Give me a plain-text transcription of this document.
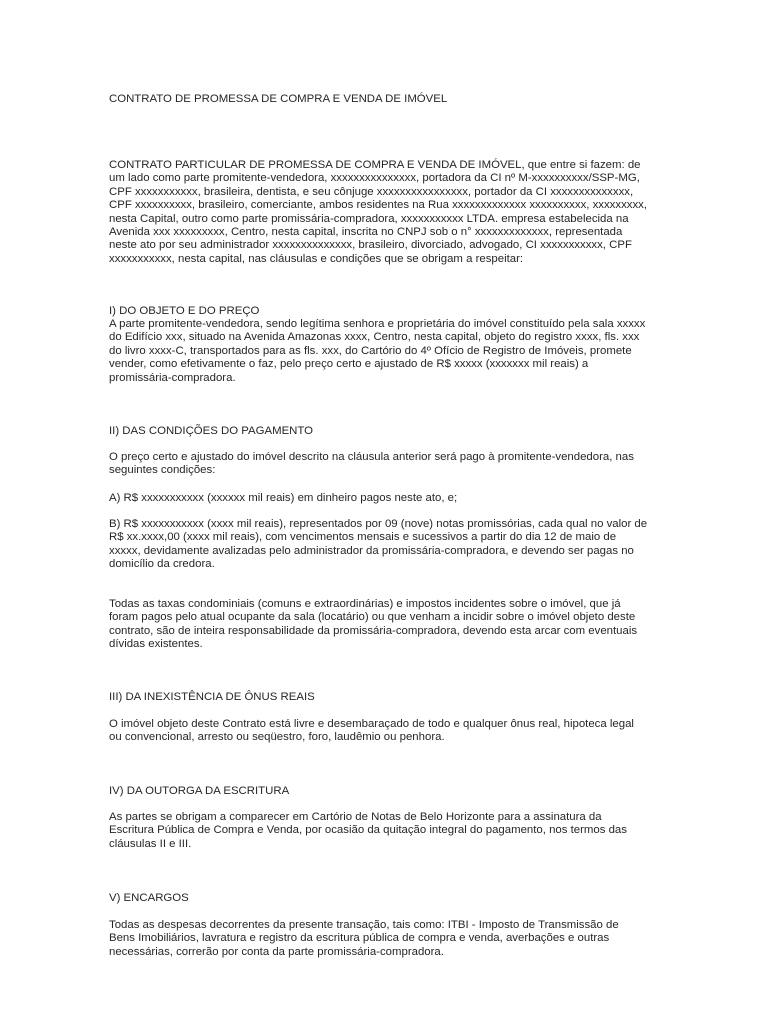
CONTRATO DE PROMESSA DE COMPRA E VENDA DE IMÓVEL

CONTRATO PARTICULAR DE PROMESSA DE COMPRA E VENDA DE IMÓVEL, que entre si fazem: de
um lado como parte promitente-vendedora, xxxxxxxxxxxxxxx, portadora da CI nº M-xxxxxxxxxx/SSP-MG,
CPF xxxxxxxxxxx, brasileira, dentista, e seu cônjuge xxxxxxxxxxxxxxxx, portador da CI xxxxxxxxxxxxxx,
CPF xxxxxxxxxx, brasileiro, comerciante, ambos residentes na Rua xxxxxxxxxxxxx xxxxxxxxxx, xxxxxxxxx,
nesta Capital, outro como parte promissária-compradora, xxxxxxxxxxx LTDA. empresa estabelecida na
Avenida xxx xxxxxxxxx, Centro, nesta capital, inscrita no CNPJ sob o n° xxxxxxxxxxxxx, representada
neste ato por seu administrador xxxxxxxxxxxxxx, brasileiro, divorciado, advogado, CI xxxxxxxxxxx, CPF
xxxxxxxxxxx, nesta capital, nas cláusulas e condições que se obrigam a respeitar:

I) DO OBJETO E DO PREÇO

A parte promitente-vendedora, sendo legítima senhora e proprietária do imóvel constituído pela sala xxxxx
do Edifício xxx, situado na Avenida Amazonas xxxx, Centro, nesta capital, objeto do registro xxxx, fls. xxx
do livro xxxx-C, transportados para as fls. xxx, do Cartório do 4º Ofício de Registro de Imóveis, promete
vender, como efetivamente o faz, pelo preço certo e ajustado de R$ xxxxx (xxxxxxx mil reais) a
promissária-compradora.

II) DAS CONDIÇÕES DO PAGAMENTO

O preço certo e ajustado do imóvel descrito na cláusula anterior será pago à promitente-vendedora, nas
seguintes condições:

A) R$ xxxxxxxxxxx (xxxxxx mil reais) em dinheiro pagos neste ato, e;

B) R$ xxxxxxxxxxx (xxxx mil reais), representados por 09 (nove) notas promissórias, cada qual no valor de
R$ xx.xxxx,00 (xxxx mil reais), com vencimentos mensais e sucessivos a partir do dia 12 de maio de
xxxxx, devidamente avalizadas pelo administrador da promissária-compradora, e devendo ser pagas no
domicílio da credora.

Todas as taxas condominiais (comuns e extraordinárias) e impostos incidentes sobre o imóvel, que já
foram pagos pelo atual ocupante da sala (locatário) ou que venham a incidir sobre o imóvel objeto deste
contrato, são de inteira responsabilidade da promissária-compradora, devendo esta arcar com eventuais
dívidas existentes.

III) DA INEXISTÊNCIA DE ÔNUS REAIS

O imóvel objeto deste Contrato está livre e desembaraçado de todo e qualquer ônus real, hipoteca legal
ou convencional, arresto ou seqüestro, foro, laudêmio ou penhora.

IV) DA OUTORGA DA ESCRITURA

As partes se obrigam a comparecer em Cartório de Notas de Belo Horizonte para a assinatura da
Escritura Pública de Compra e Venda, por ocasião da quitação integral do pagamento, nos termos das
cláusulas II e III.

V) ENCARGOS

Todas as despesas decorrentes da presente transação, tais como: ITBI - Imposto de Transmissão de
Bens Imobiliários, lavratura e registro da escritura pública de compra e venda, averbações e outras
necessárias, correrão por conta da parte promissária-compradora.
